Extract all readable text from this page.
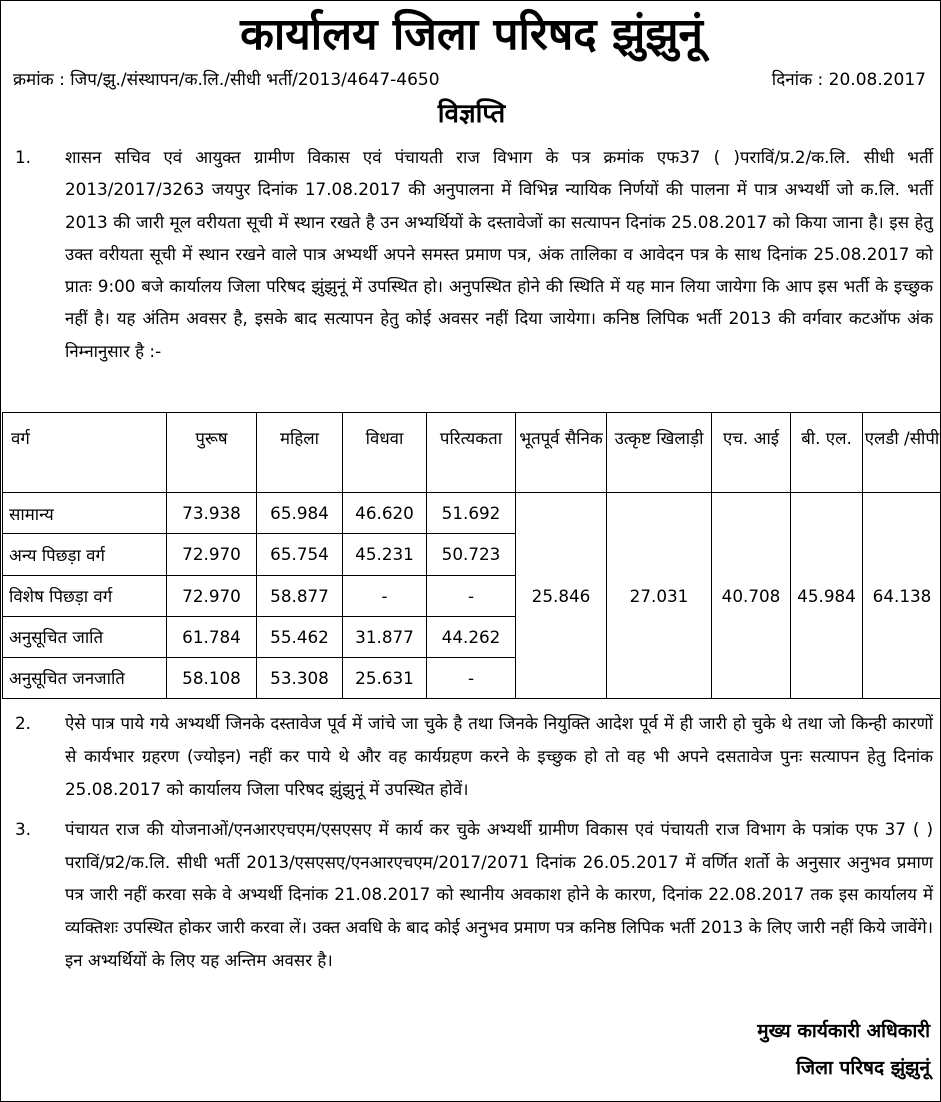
कार्यालय जिला परिषद झुंझुनूं
क्रमांक : जिप/झु./संस्थापन/क.लि./सीधी भर्ती/2013/4647-4650	दिनांक : 20.08.2017
विज्ञप्ति
1. शासन सचिव एवं आयुक्त ग्रामीण विकास एवं पंचायती राज विभाग के पत्र क्रमांक एफ37 ( )पराविं/प्र.2/क.लि. सीधी भर्ती 2013/2017/3263 जयपुर दिनांक 17.08.2017 की अनुपालना में विभिन्न न्यायिक निर्णयों की पालना में पात्र अभ्यर्थी जो क.लि. भर्ती 2013 की जारी मूल वरीयता सूची में स्थान रखते है उन अभ्यर्थियों के दस्तावेजों का सत्यापन दिनांक 25.08.2017 को किया जाना है। इस हेतु उक्त वरीयता सूची में स्थान रखने वाले पात्र अभ्यर्थी अपने समस्त प्रमाण पत्र, अंक तालिका व आवेदन पत्र के साथ दिनांक 25.08.2017 को प्रातः 9:00 बजे कार्यालय जिला परिषद झुंझुनूं में उपस्थित हो। अनुपस्थित होने की स्थिति में यह मान लिया जायेगा कि आप इस भर्ती के इच्छुक नहीं है। यह अंतिम अवसर है, इसके बाद सत्यापन हेतु कोई अवसर नहीं दिया जायेगा। कनिष्ठ लिपिक भर्ती 2013 की वर्गवार कटऑफ अंक निम्नानुसार है :-
वर्ग	पुरूष	महिला	विधवा	परित्यकता	भूतपूर्व सैनिक	उत्कृष्ट खिलाड़ी	एच. आई	बी. एल.	एलडी /सीपी
सामान्य	73.938	65.984	46.620	51.692	25.846	27.031	40.708	45.984	64.138
अन्य पिछड़ा वर्ग	72.970	65.754	45.231	50.723					
विशेष पिछड़ा वर्ग	72.970	58.877	-	-					
अनुसूचित जाति	61.784	55.462	31.877	44.262					
अनुसूचित जनजाति	58.108	53.308	25.631	-					
2. ऐसे पात्र पाये गये अभ्यर्थी जिनके दस्तावेज पूर्व में जांचे जा चुके है तथा जिनके नियुक्ति आदेश पूर्व में ही जारी हो चुके थे तथा जो किन्ही कारणों से कार्यभार ग्रहरण (ज्योइन) नहीं कर पाये थे और वह कार्यग्रहण करने के इच्छुक हो तो वह भी अपने दसतावेज पुनः सत्यापन हेतु दिनांक 25.08.2017 को कार्यालय जिला परिषद झुंझुनूं में उपस्थित होवें।
3. पंचायत राज की योजनाओं/एनआरएचएम/एसएसए में कार्य कर चुके अभ्यर्थी ग्रामीण विकास एवं पंचायती राज विभाग के पत्रांक एफ 37 ( ) पराविं/प्र2/क.लि. सीधी भर्ती 2013/एसएसए/एनआरएचएम/2017/2071 दिनांक 26.05.2017 में वर्णित शर्तो के अनुसार अनुभव प्रमाण पत्र जारी नहीं करवा सके वे अभ्यर्थी दिनांक 21.08.2017 को स्थानीय अवकाश होने के कारण, दिनांक 22.08.2017 तक इस कार्यालय में व्यक्तिशः उपस्थित होकर जारी करवा लें। उक्त अवधि के बाद कोई अनुभव प्रमाण पत्र कनिष्ठ लिपिक भर्ती 2013 के लिए जारी नहीं किये जावेंगे। इन अभ्यर्थियों के लिए यह अन्तिम अवसर है।
मुख्य कार्यकारी अधिकारी
जिला परिषद झुंझुनूं
